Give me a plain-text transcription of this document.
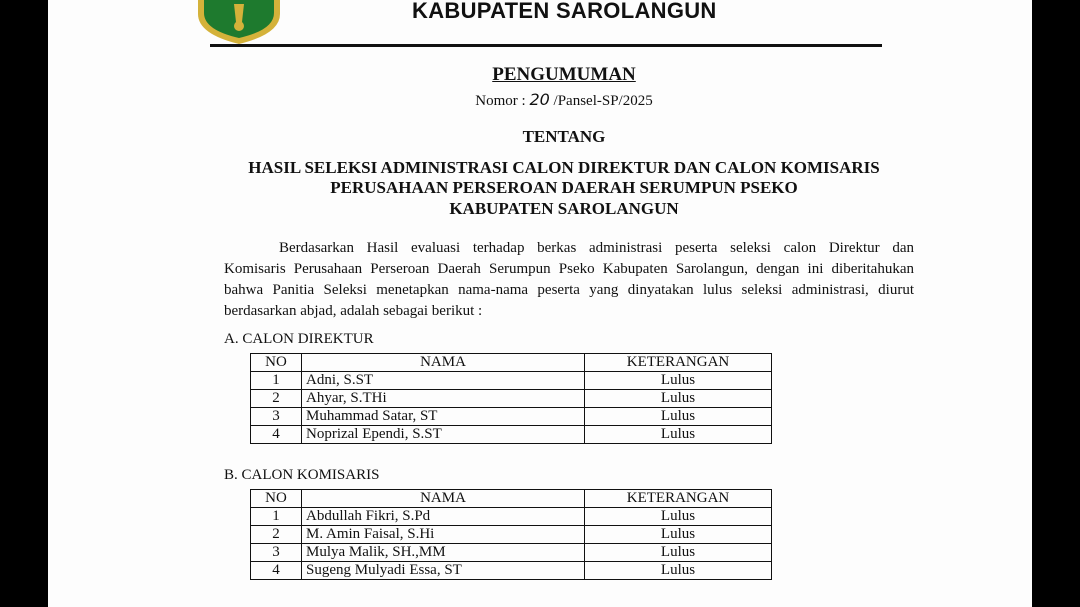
KABUPATEN SAROLANGUN
PENGUMUMAN
Nomor : 20 /Pansel-SP/2025
TENTANG
HASIL SELEKSI ADMINISTRASI CALON DIREKTUR DAN CALON KOMISARIS
PERUSAHAAN PERSEROAN DAERAH SERUMPUN PSEKO
KABUPATEN SAROLANGUN
Berdasarkan Hasil evaluasi terhadap berkas administrasi peserta seleksi calon Direktur dan
Komisaris Perusahaan Perseroan Daerah Serumpun Pseko Kabupaten Sarolangun, dengan ini diberitahukan
bahwa Panitia Seleksi menetapkan nama-nama peserta yang dinyatakan lulus seleksi administrasi, diurut
berdasarkan abjad, adalah sebagai berikut :
A. CALON DIREKTUR
NO	NAMA	KETERANGAN
1	Adni, S.ST	Lulus
2	Ahyar, S.THi	Lulus
3	Muhammad Satar, ST	Lulus
4	Noprizal Ependi, S.ST	Lulus
B. CALON KOMISARIS
NO	NAMA	KETERANGAN
1	Abdullah Fikri, S.Pd	Lulus
2	M. Amin Faisal, S.Hi	Lulus
3	Mulya Malik, SH.,MM	Lulus
4	Sugeng Mulyadi Essa, ST	Lulus
